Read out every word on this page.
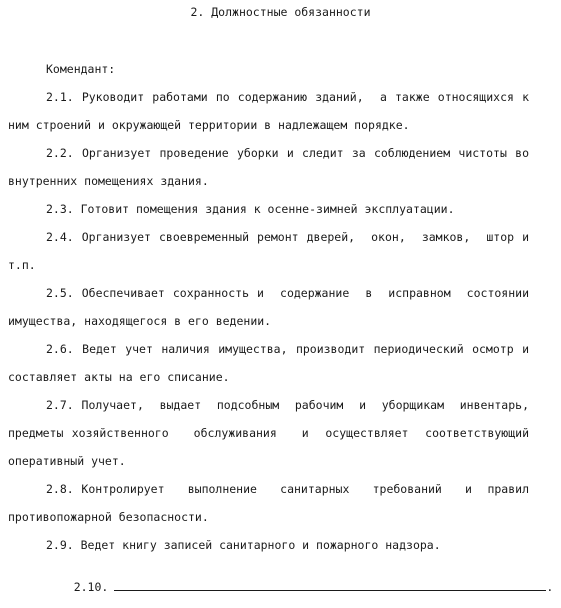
2. Должностные обязанности
Комендант:
2.1. Руководит работами по содержанию зданий,  а также относящихся к
ним строений и окружающей территории в надлежащем порядке.
2.2. Организует проведение уборки и следит за соблюдением чистоты во
внутренних помещениях здания.
2.3. Готовит помещения здания к осенне-зимней эксплуатации.
2.4. Организует своевременный ремонт дверей,  окон,  замков,  штор и
т.п.
2.5. Обеспечивает сохранность и  содержание  в  исправном  состоянии
имущества, находящегося в его ведении.
2.6. Ведет учет наличия имущества, производит периодический осмотр и
составляет акты на его списание.
2.7. Получает,  выдает  подсобным  рабочим  и  уборщикам  инвентарь,
предметы хозяйственного   обслуживания   и  осуществляет  соответствующий
оперативный учет.
2.8. Контролирует   выполнение   санитарных   требований   и  правил
противопожарной безопасности.
2.9. Ведет книгу записей санитарного и пожарного надзора.

2.10.	.
